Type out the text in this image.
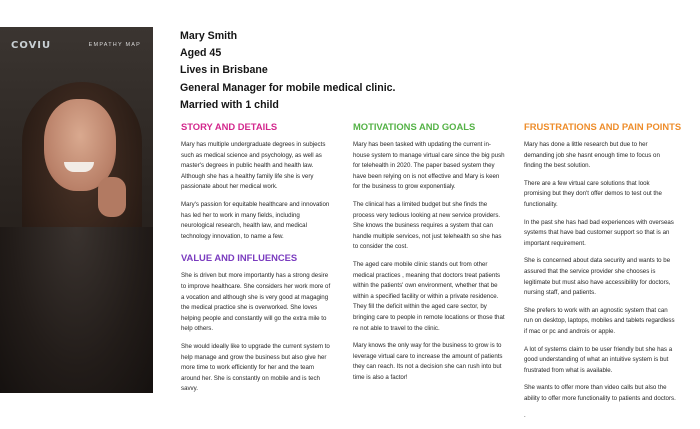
COVIU	EMPATHY MAP
Mary Smith
Aged 45
Lives in Brisbane
General Manager for mobile medical clinic.
Married with 1 child
STORY AND DETAILS

Mary has multiple undergraduate degrees in subjects such as medical science and psychology, as well as master's degrees in public health and health law. Although she has a healthy family life she is very passionate about her medical work.

Mary's passion for equitable healthcare and innovation has led her to work in many fields, including neurological research, health law, and medical technology innovation, to name a few.

VALUE AND INFLUENCES

She is driven but more importantly has a strong desire to improve healthcare. She considers her work more of a vocation and although she is very good at magaging the medical practice she is overworked. She loves helping people and constantly will go the extra mile to help others.

She would ideally like to upgrade the current system to help manage and grow the business but also give her more time to work efficiently for her and the team around her. She is constantly on mobile and is tech savvy.

MOTIVATIONS AND GOALS

Mary has been tasked with updating the current in-house system to manage virtual care since the big push for telehealth in 2020. The paper based system they have been relying on is not effective and Mary is keen for the business to grow exponentialy.

The clinical has a limited budget but she finds the process very tedious looking at new service providers. She knows the business requires a system that can handle multiple services, not just telehealth so she has to consider the cost.

The aged care mobile clinic stands out from other medical practices , meaning that doctors treat patients within the patients' own environment, whether that be within a specified facility or within a private residence. They fill the deficit within the aged care sector, by bringing care to people in remote locations or those that re not able to travel to the clinic.

Mary knows the only way for the business to grow is to leverage virtual care to increase the amount of patients they can reach. Its not a decision she can rush into but time is also a factor!

FRUSTRATIONS AND PAIN POINTS

Mary has done a little research but due to her demanding job she hasnt enough time to focus on finding the best solution.

There are a few virtual care solutions that look promising but they don't offer demos to test out the functionality.

In the past she has had bad experiences with overseas systems that have bad customer support so that is an important requirement.

She is concerned about data security and wants to be assured that the service provider she chooses is legitimate but must also have accessibility for doctors, nursing staff, and patients.

She prefers to work with an agnostic system that can run on desktop, laptops, mobiles and tablets regardless if mac or pc and androis or apple.

A lot of systems claim to be user friendly but she has a good understanding of what an intuitive system is but frustrated from what is available.

She wants to offer more than video calls but also the ability to offer more functionality to patients and doctors.

.
